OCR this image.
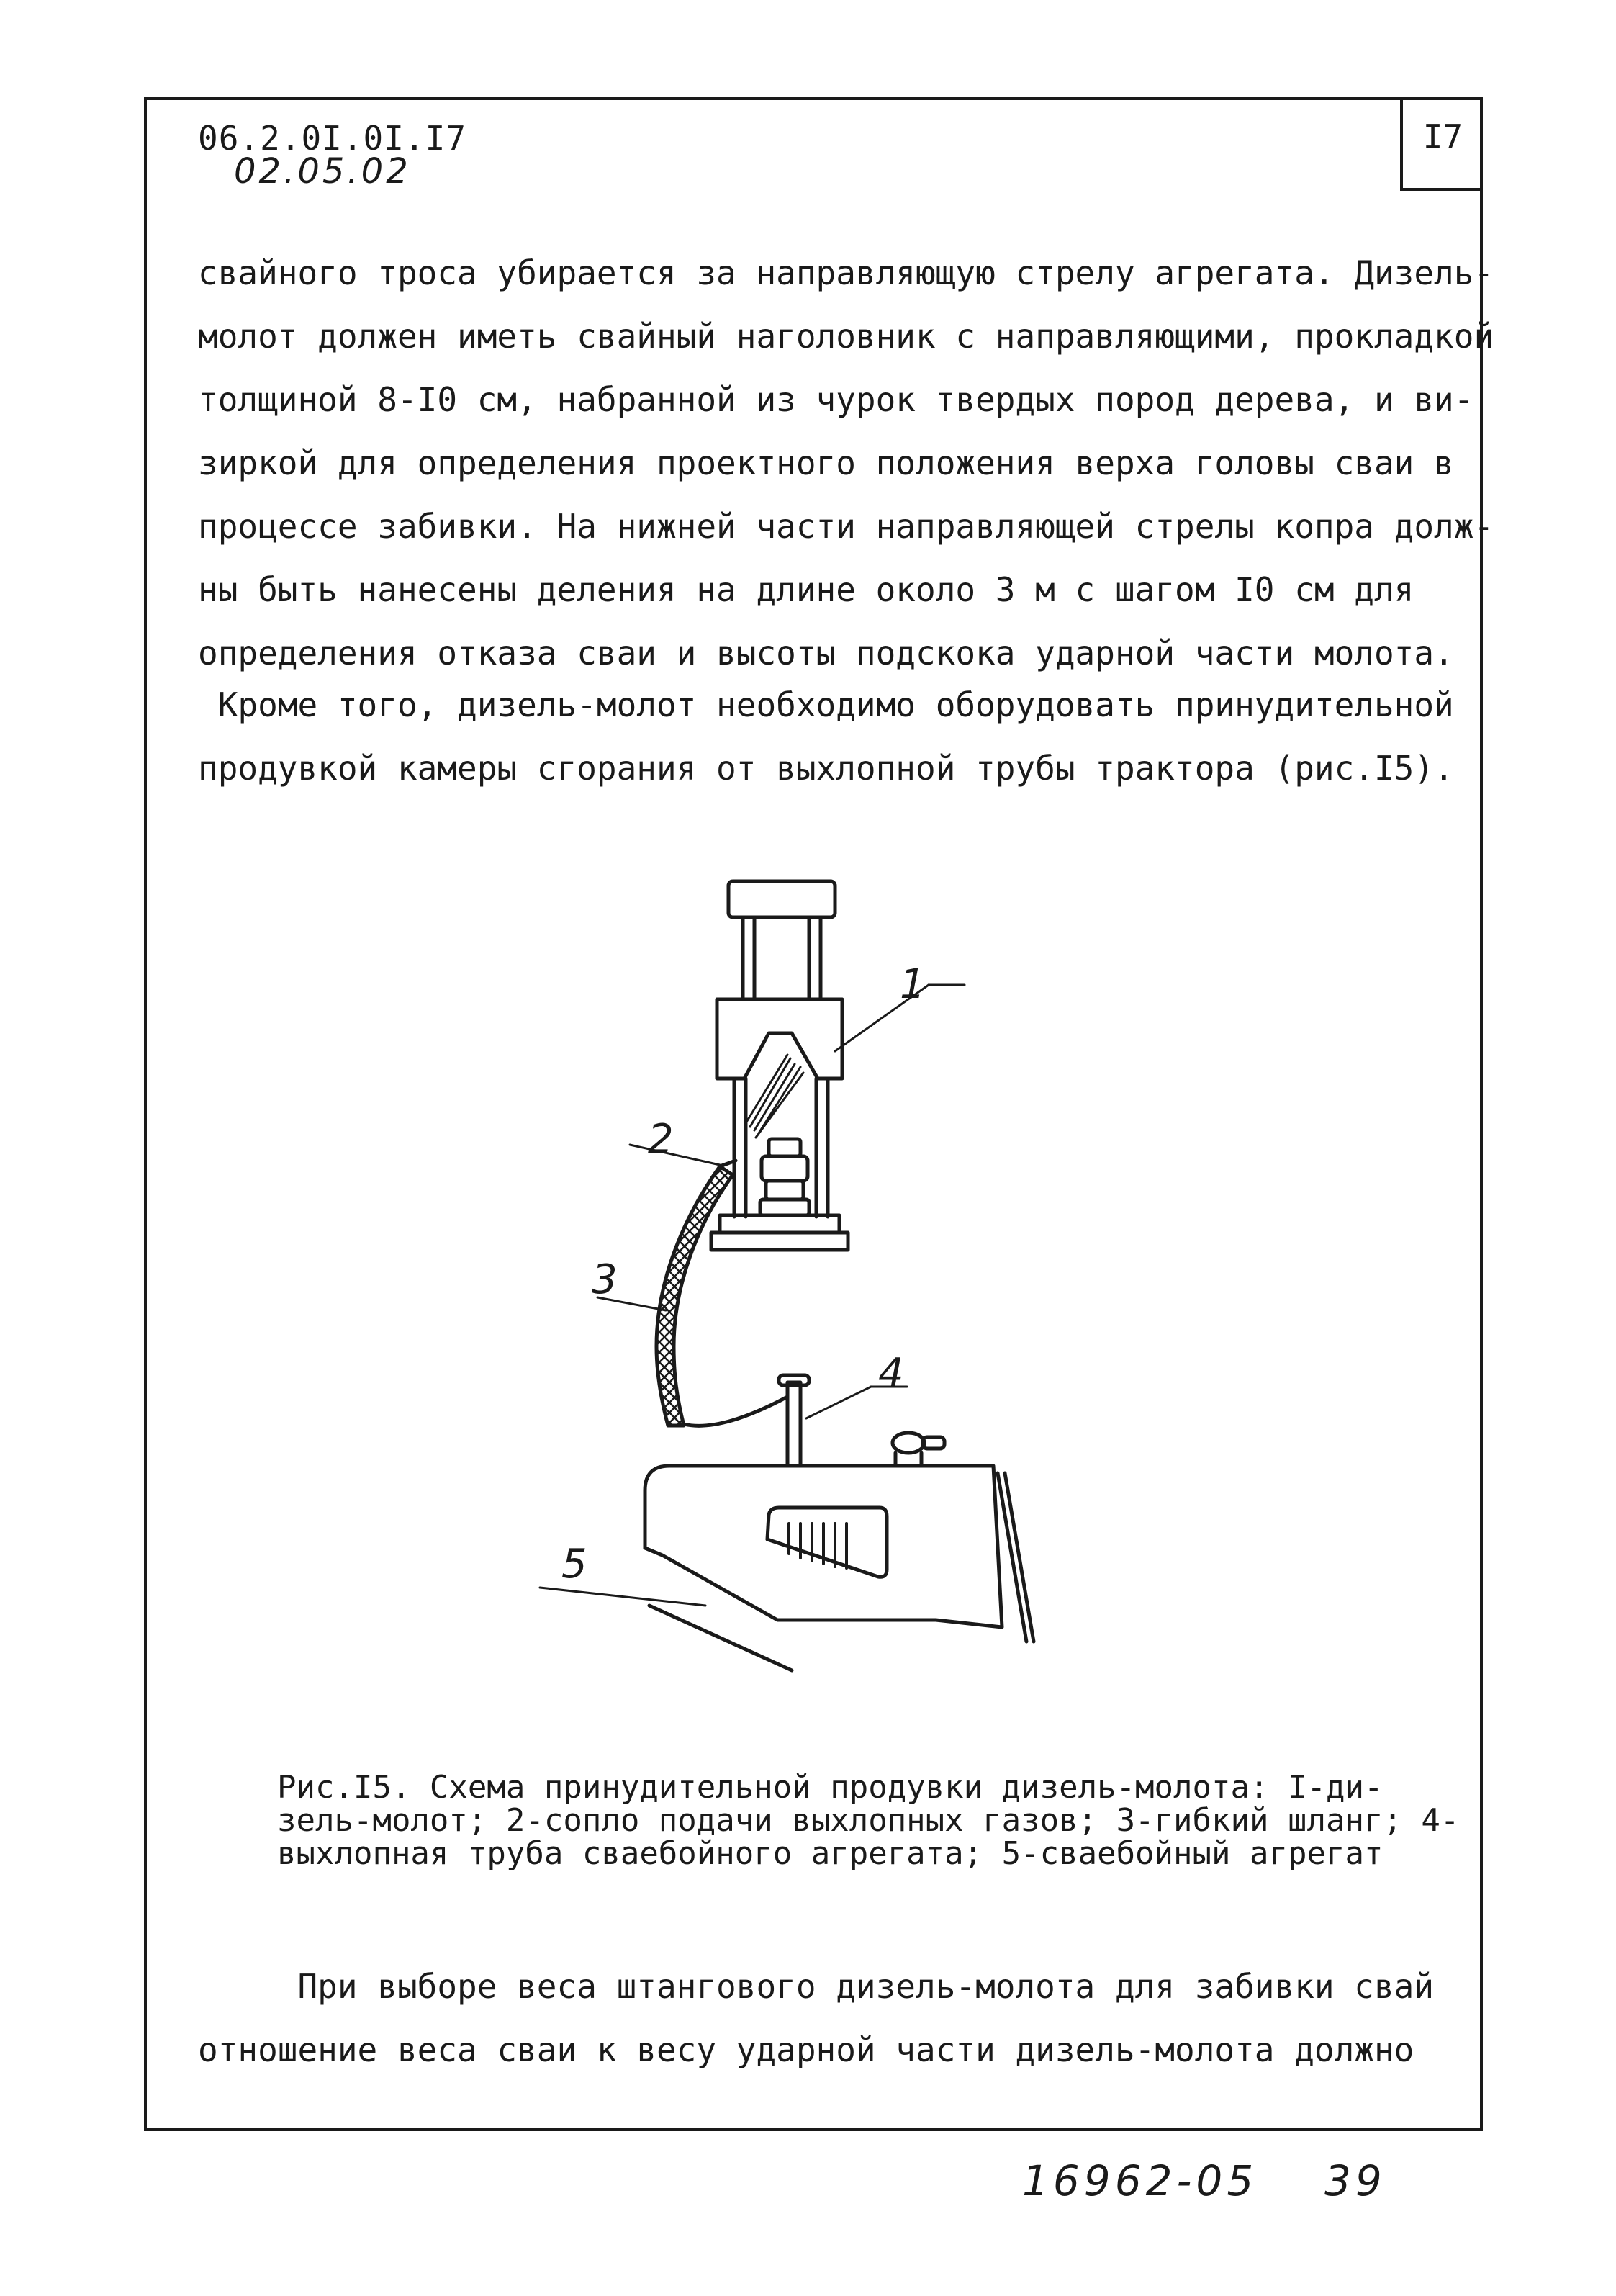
I7
06.2.0I.0I.I7
02.05.02
свайного троса убирается за направляющую стрелу агрегата. Дизель-
молот должен иметь свайный наголовник с направляющими, прокладкой
толщиной 8-I0 см, набранной из чурок твердых пород дерева, и ви-
зиркой для определения проектного положения верха головы сваи в
процессе забивки. На нижней части направляющей стрелы копра долж-
ны быть нанесены деления на длине около 3 м с шагом I0 см для
определения отказа сваи и высоты подскока ударной части молота.
Кроме того, дизель-молот необходимо оборудовать принудительной
продувкой камеры сгорания от выхлопной трубы трактора (рис.I5).
1
2
3
4
5
Рис.I5. Схема принудительной продувки дизель-молота: I-ди-
зель-молот; 2-сопло подачи выхлопных газов; 3-гибкий шланг; 4-
выхлопная труба сваебойного агрегата; 5-сваебойный агрегат
При выборе веса штангового дизель-молота для забивки свай
отношение веса сваи к весу ударной части дизель-молота должно
16962-05 39
